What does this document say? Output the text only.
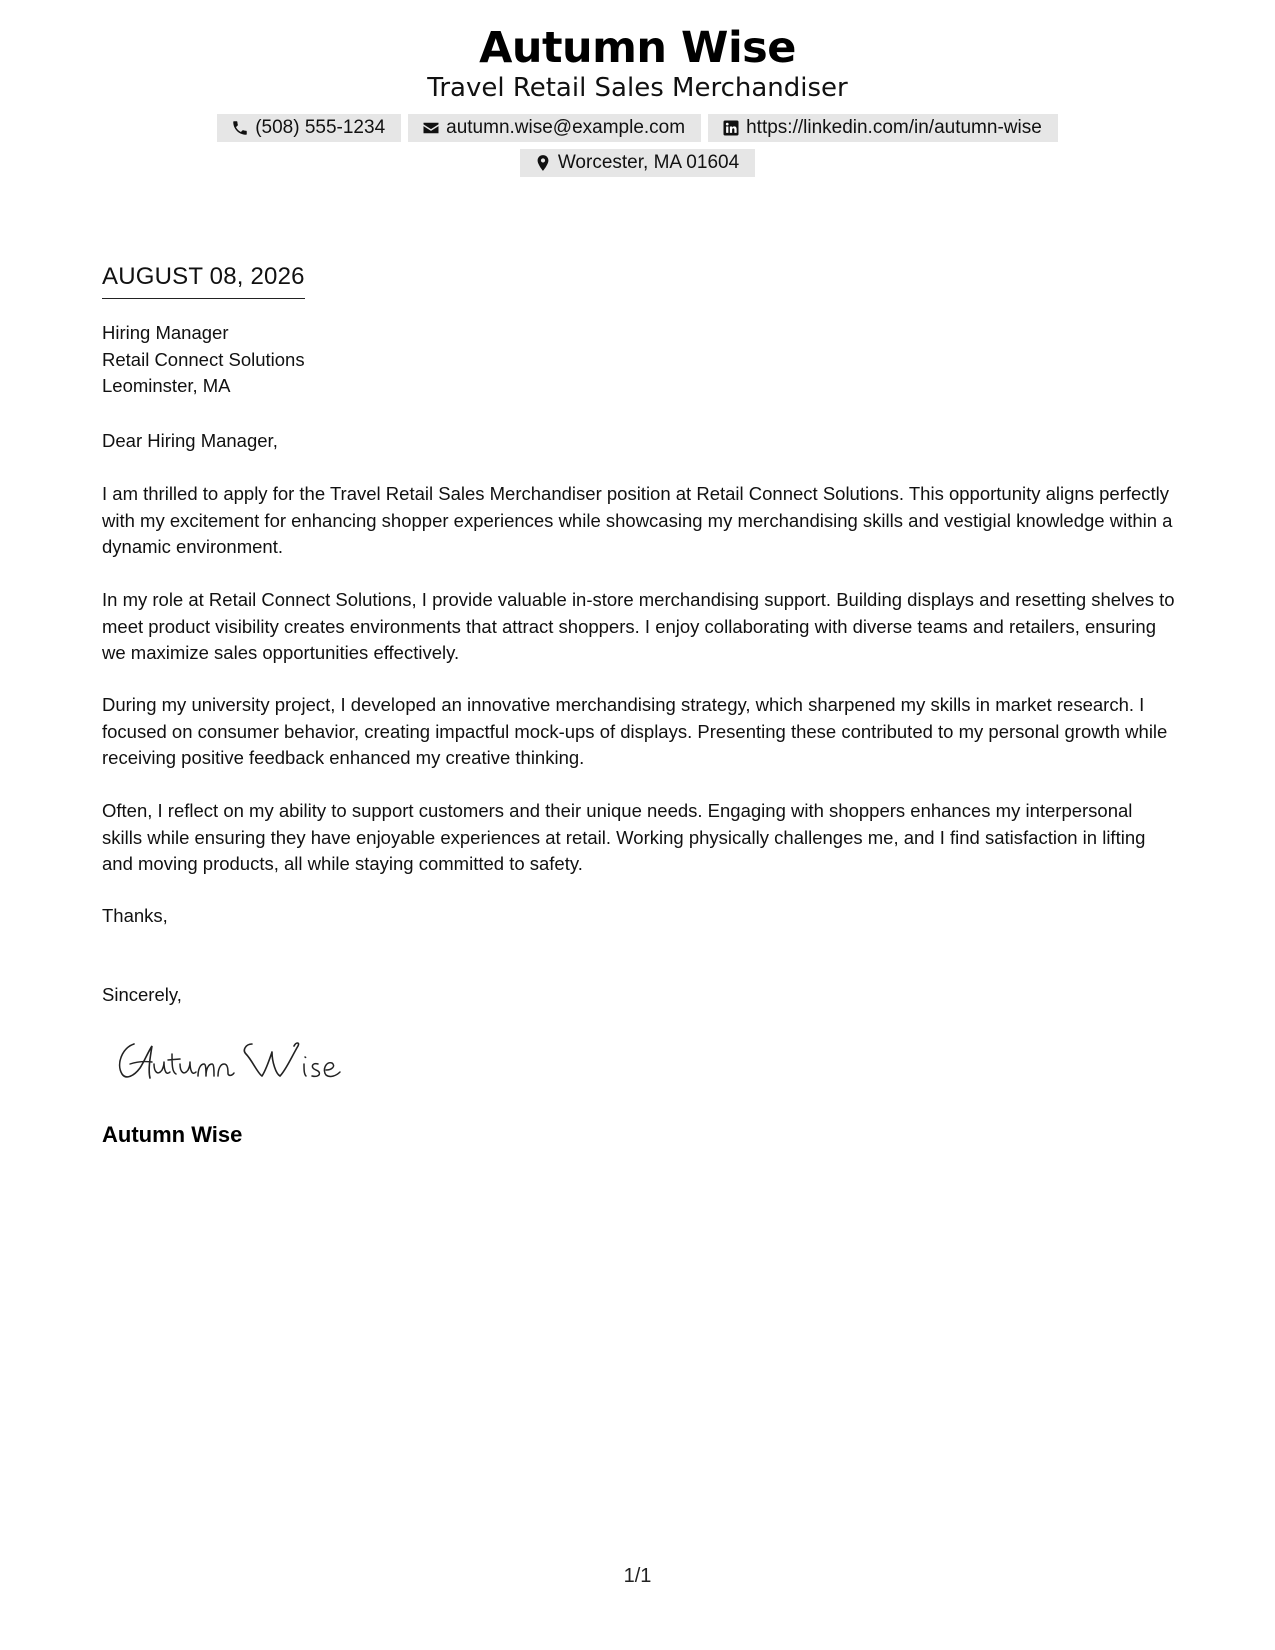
Autumn Wise
Travel Retail Sales Merchandiser
(508) 555-1234	autumn.wise@example.com	https://linkedin.com/in/autumn-wise
Worcester, MA 01604
AUGUST 08, 2026
Hiring Manager
Retail Connect Solutions
Leominster, MA
Dear Hiring Manager,
I am thrilled to apply for the Travel Retail Sales Merchandiser position at Retail Connect Solutions. This opportunity aligns perfectly with my excitement for enhancing shopper experiences while showcasing my merchandising skills and vestigial knowledge within a dynamic environment.
In my role at Retail Connect Solutions, I provide valuable in-store merchandising support. Building displays and resetting shelves to meet product visibility creates environments that attract shoppers. I enjoy collaborating with diverse teams and retailers, ensuring we maximize sales opportunities effectively.
During my university project, I developed an innovative merchandising strategy, which sharpened my skills in market research. I focused on consumer behavior, creating impactful mock-ups of displays. Presenting these contributed to my personal growth while receiving positive feedback enhanced my creative thinking.
Often, I reflect on my ability to support customers and their unique needs. Engaging with shoppers enhances my interpersonal skills while ensuring they have enjoyable experiences at retail. Working physically challenges me, and I find satisfaction in lifting and moving products, all while staying committed to safety.
Thanks,
Sincerely,
Autumn Wise
1/1
